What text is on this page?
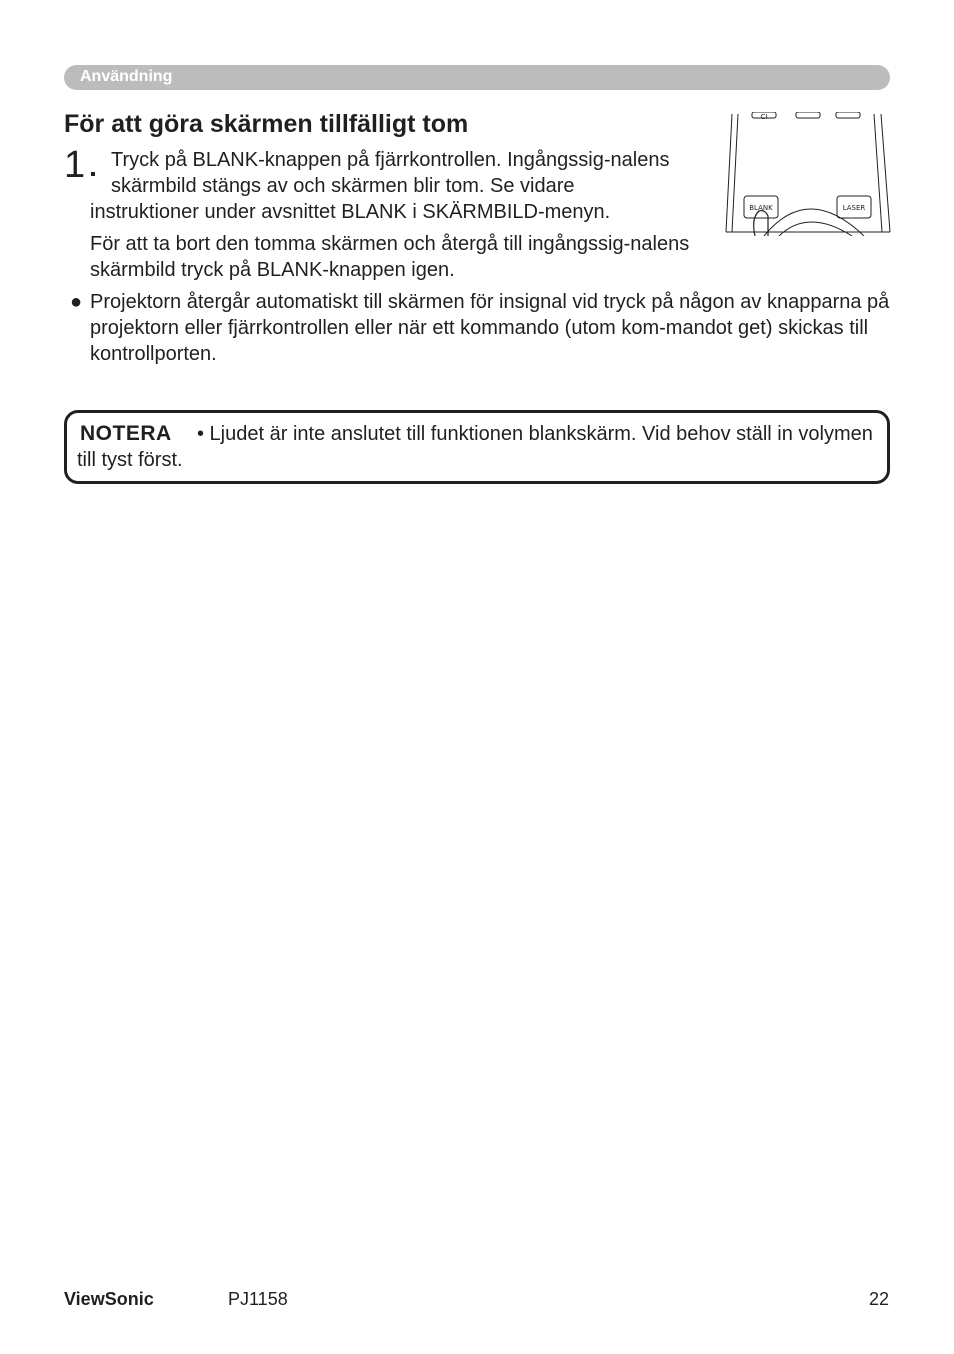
Användning
För att göra skärmen tillfälligt tom
1 Tryck på BLANK-knappen på fjärrkontrollen. Ingångssig-nalens skärmbild stängs av och skärmen blir tom. Se vidare

instruktioner under avsnittet BLANK i SKÄRMBILD-menyn.

För att ta bort den tomma skärmen och återgå till ingångssig-nalens skärmbild tryck på BLANK-knappen igen.

● Projektorn återgår automatiskt till skärmen för insignal vid tryck på någon av knapparna på projektorn eller fjärrkontrollen eller när ett kommando (utom kom-mandot get) skickas till kontrollporten.
• Ljudet är inte anslutet till funktionen blankskärm. Vid behov ställ in volymen till tyst först.
NOTERA
CI
BLANK	LASER
ViewSonic	PJ1158	22
